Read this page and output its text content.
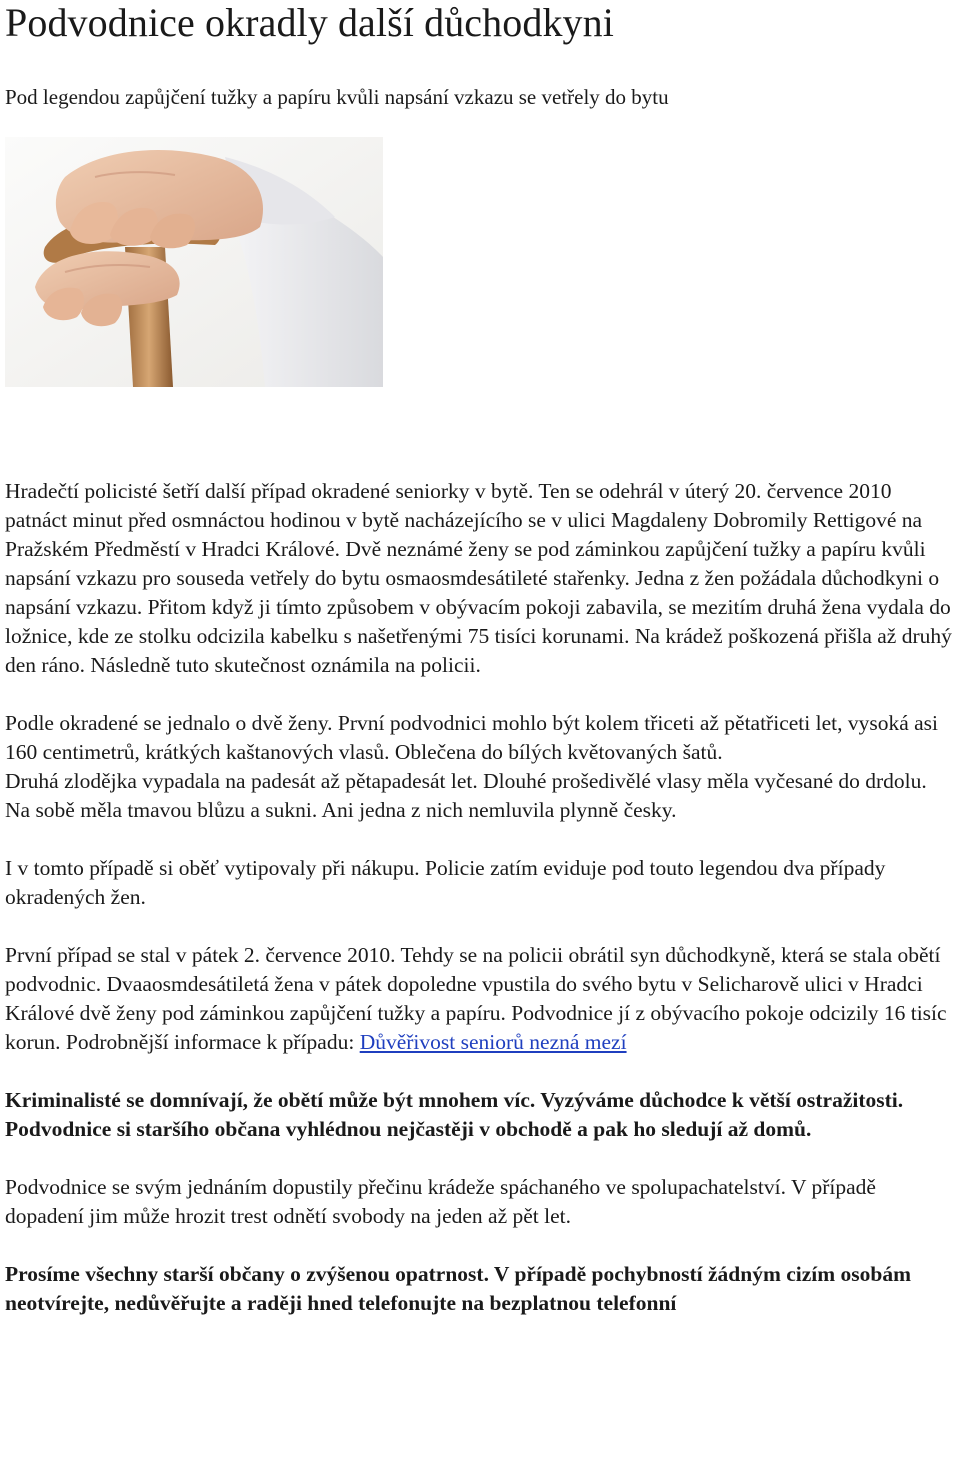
Podvodnice okradly další důchodkyni
Pod legendou zapůjčení tužky a papíru kvůli napsání vzkazu se vetřely do bytu

Hradečtí policisté šetří další případ okradené seniorky v bytě. Ten se odehrál v úterý 20. července 2010 patnáct minut před osmnáctou hodinou v bytě nacházejícího se v ulici Magdaleny Dobromily Rettigové na Pražském Předměstí v Hradci Králové. Dvě neznámé ženy se pod záminkou zapůjčení tužky a papíru kvůli napsání vzkazu pro souseda vetřely do bytu osmaosmdesátileté stařenky. Jedna z žen požádala důchodkyni o napsání vzkazu. Přitom když ji tímto způsobem v obývacím pokoji zabavila, se mezitím druhá žena vydala do ložnice, kde ze stolku odcizila kabelku s našetřenými 75 tisíci korunami. Na krádež poškozená přišla až druhý den ráno. Následně tuto skutečnost oznámila na policii.

Podle okradené se jednalo o dvě ženy. První podvodnici mohlo být kolem třiceti až pětatřiceti let, vysoká asi 160 centimetrů, krátkých kaštanových vlasů. Oblečena do bílých květovaných šatů.

Druhá zlodějka vypadala na padesát až pětapadesát let. Dlouhé prošedivělé vlasy měla vyčesané do drdolu. Na sobě měla tmavou blůzu a sukni. Ani jedna z nich nemluvila plynně česky.

I v tomto případě si oběť vytipovaly při nákupu. Policie zatím eviduje pod touto legendou dva případy okradených žen.

První případ se stal v pátek 2. července 2010. Tehdy se na policii obrátil syn důchodkyně, která se stala obětí podvodnic. Dvaaosmdesátiletá žena v pátek dopoledne vpustila do svého bytu v Selicharově ulici v Hradci Králové dvě ženy pod záminkou zapůjčení tužky a papíru. Podvodnice jí z obývacího pokoje odcizily 16 tisíc korun. Podrobnější informace k případu: Důvěřivost seniorů nezná mezí

Kriminalisté se domnívají, že obětí může být mnohem víc. Vyzýváme důchodce k větší ostražitosti. Podvodnice si staršího občana vyhlédnou nejčastěji v obchodě a pak ho sledují až domů.

Podvodnice se svým jednáním dopustily přečinu krádeže spáchaného ve spolupachatelství. V případě dopadení jim může hrozit trest odnětí svobody na jeden až pět let.

Prosíme všechny starší občany o zvýšenou opatrnost. V případě pochybností žádným cizím osobám neotvírejte, nedůvěřujte a raději hned telefonujte na bezplatnou telefonní
